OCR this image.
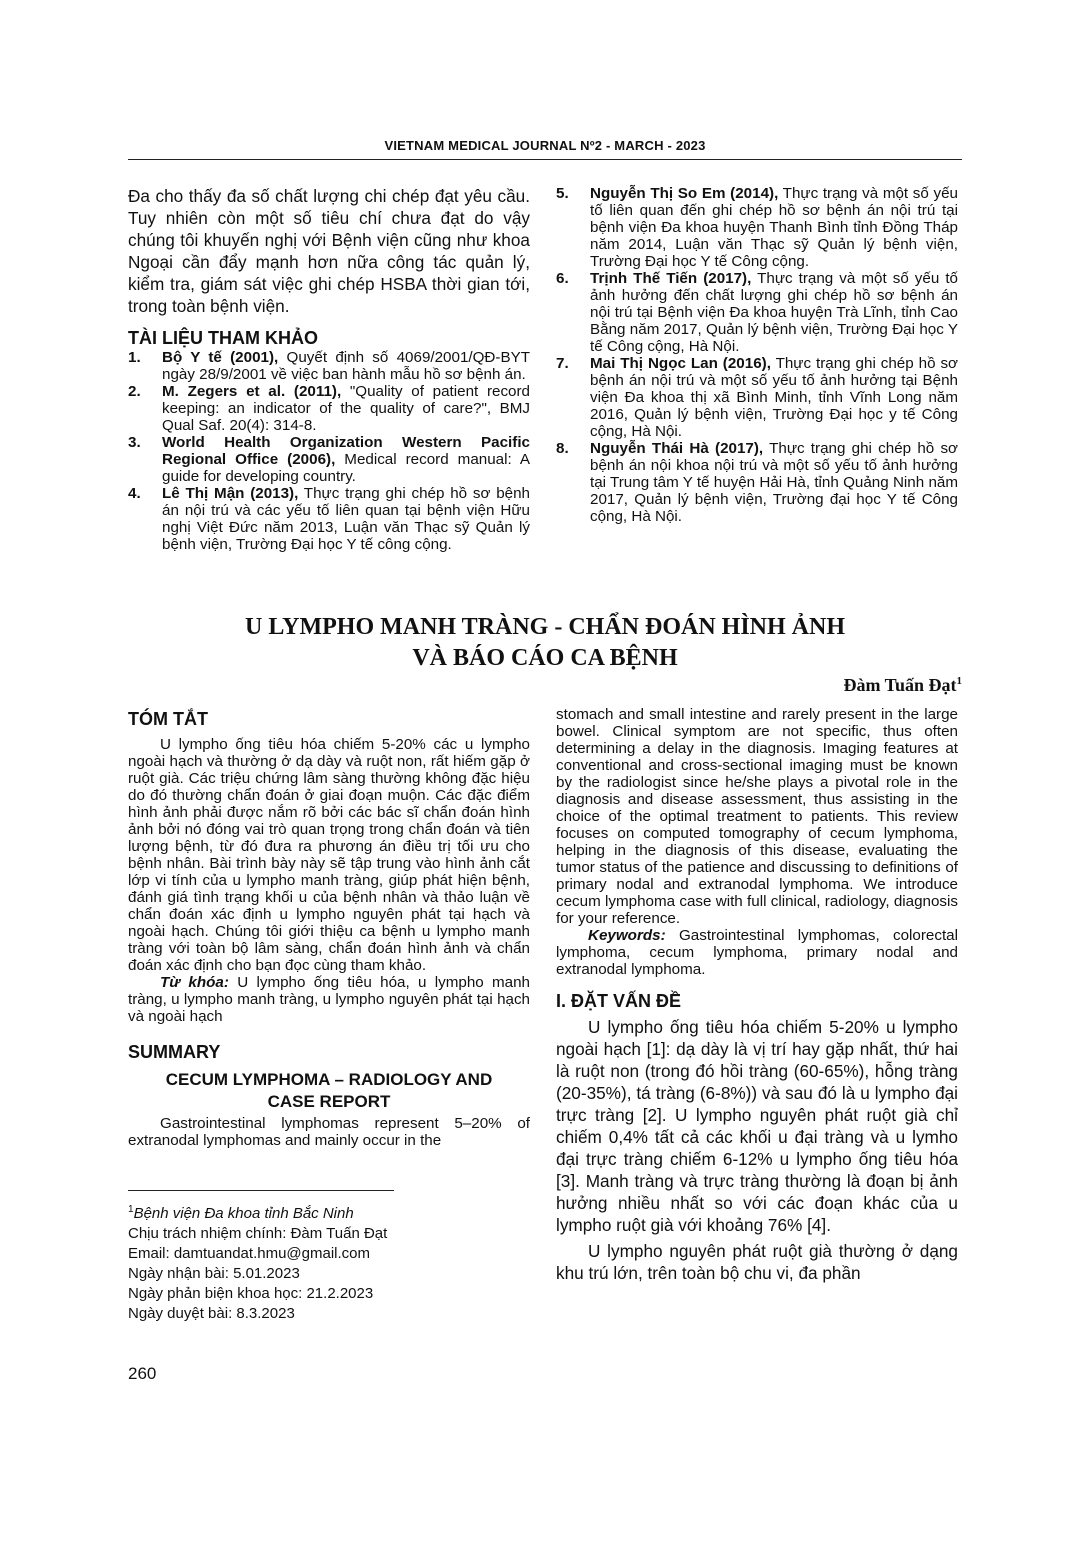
VIETNAM MEDICAL JOURNAL Nº2 - MARCH - 2023

Đa cho thấy đa số chất lượng chi chép đạt yêu cầu. Tuy nhiên còn một số tiêu chí chưa đạt do vậy chúng tôi khuyến nghị với Bệnh viện cũng như khoa Ngoại cần đẩy mạnh hơn nữa công tác quản lý, kiểm tra, giám sát việc ghi chép HSBA thời gian tới, trong toàn bệnh viện.

TÀI LIỆU THAM KHẢO
1.	Bộ Y tế (2001), Quyết định số 4069/2001/QĐ-BYT ngày 28/9/2001 về việc ban hành mẫu hồ sơ bệnh án.
2.	M. Zegers et al. (2011), "Quality of patient record keeping: an indicator of the quality of care?", BMJ Qual Saf. 20(4): 314-8.
3.	World Health Organization Western Pacific Regional Office (2006), Medical record manual: A guide for developing country.
4.	Lê Thị Mận (2013), Thực trạng ghi chép hồ sơ bệnh án nội trú và các yếu tố liên quan tại bệnh viện Hữu nghị Việt Đức năm 2013, Luận văn Thạc sỹ Quản lý bệnh viện, Trường Đại học Y tế công cộng.
5.	Nguyễn Thị So Em (2014), Thực trạng và một số yếu tố liên quan đến ghi chép hồ sơ bệnh án nội trú tại bệnh viện Đa khoa huyện Thanh Bình tỉnh Đồng Tháp năm 2014, Luận văn Thạc sỹ Quản lý bệnh viện, Trường Đại học Y tế Công cộng.
6.	Trịnh Thế Tiến (2017), Thực trạng và một số yếu tố ảnh hưởng đến chất lượng ghi chép hồ sơ bệnh án nội trú tại Bệnh viện Đa khoa huyện Trà Lĩnh, tỉnh Cao Bằng năm 2017, Quản lý bệnh viện, Trường Đại học Y tế Công cộng, Hà Nội.
7.	Mai Thị Ngọc Lan (2016), Thực trạng ghi chép hồ sơ bệnh án nội trú và một số yếu tố ảnh hưởng tại Bệnh viện Đa khoa thị xã Bình Minh, tỉnh Vĩnh Long năm 2016, Quản lý bệnh viện, Trường Đại học y tế Công cộng, Hà Nội.
8.	Nguyễn Thái Hà (2017), Thực trạng ghi chép hồ sơ bệnh án nội khoa nội trú và một số yếu tố ảnh hưởng tại Trung tâm Y tế huyện Hải Hà, tỉnh Quảng Ninh năm 2017, Quản lý bệnh viện, Trường đại học Y tế Công cộng, Hà Nội.
U LYMPHO MANH TRÀNG - CHẨN ĐOÁN HÌNH ẢNH
VÀ BÁO CÁO CA BỆNH
Đàm Tuấn Đạt$^1$
TÓM TẮT

U lympho ống tiêu hóa chiếm 5-20% các u lympho ngoài hạch và thường ở dạ dày và ruột non, rất hiếm gặp ở ruột già. Các triệu chứng lâm sàng thường không đặc hiệu do đó thường chẩn đoán ở giai đoạn muộn. Các đặc điểm hình ảnh phải được nắm rõ bởi các bác sĩ chẩn đoán hình ảnh bởi nó đóng vai trò quan trọng trong chẩn đoán và tiên lượng bệnh, từ đó đưa ra phương án điều trị tối ưu cho bệnh nhân. Bài trình bày này sẽ tập trung vào hình ảnh cắt lớp vi tính của u lympho manh tràng, giúp phát hiện bệnh, đánh giá tình trạng khối u của bệnh nhân và thảo luận về chẩn đoán xác định u lympho nguyên phát tại hạch và ngoài hạch. Chúng tôi giới thiệu ca bệnh u lympho manh tràng với toàn bộ lâm sàng, chẩn đoán hình ảnh và chẩn đoán xác định cho bạn đọc cùng tham khảo.

Từ khóa: U lympho ống tiêu hóa, u lympho manh tràng, u lympho manh tràng, u lympho nguyên phát tại hạch và ngoài hạch

SUMMARY
CECUM LYMPHOMA – RADIOLOGY AND
CASE REPORT

Gastrointestinal lymphomas represent 5–20% of extranodal lymphomas and mainly occur in the

$^1$Bệnh viện Đa khoa tỉnh Bắc Ninh
Chịu trách nhiệm chính: Đàm Tuấn Đạt
Email: damtuandat.hmu@gmail.com
Ngày nhận bài: 5.01.2023
Ngày phản biện khoa học: 21.2.2023
Ngày duyệt bài: 8.3.2023

stomach and small intestine and rarely present in the large bowel. Clinical symptom are not specific, thus often determining a delay in the diagnosis. Imaging features at conventional and cross-sectional imaging must be known by the radiologist since he/she plays a pivotal role in the diagnosis and disease assessment, thus assisting in the choice of the optimal treatment to patients. This review focuses on computed tomography of cecum lymphoma, helping in the diagnosis of this disease, evaluating the tumor status of the patience and discussing to definitions of primary nodal and extranodal lymphoma. We introduce cecum lymphoma case with full clinical, radiology, diagnosis for your reference.

Keywords: Gastrointestinal lymphomas, colorectal lymphoma, cecum lymphoma, primary nodal and extranodal lymphoma.

I. ĐẶT VẤN ĐỀ

U lympho ống tiêu hóa chiếm 5-20% u lympho ngoài hạch [1]: dạ dày là vị trí hay gặp nhất, thứ hai là ruột non (trong đó hồi tràng (60-65%), hỗng tràng (20-35%), tá tràng (6-8%)) và sau đó là u lympho đại trực tràng [2]. U lympho nguyên phát ruột già chỉ chiếm 0,4% tất cả các khối u đại tràng và u lymho đại trực tràng chiếm 6-12% u lympho ống tiêu hóa [3]. Manh tràng và trực tràng thường là đoạn bị ảnh hưởng nhiều nhất so với các đoạn khác của u lympho ruột già với khoảng 76% [4].

U lympho nguyên phát ruột già thường ở dạng khu trú lớn, trên toàn bộ chu vi, đa phần

260
